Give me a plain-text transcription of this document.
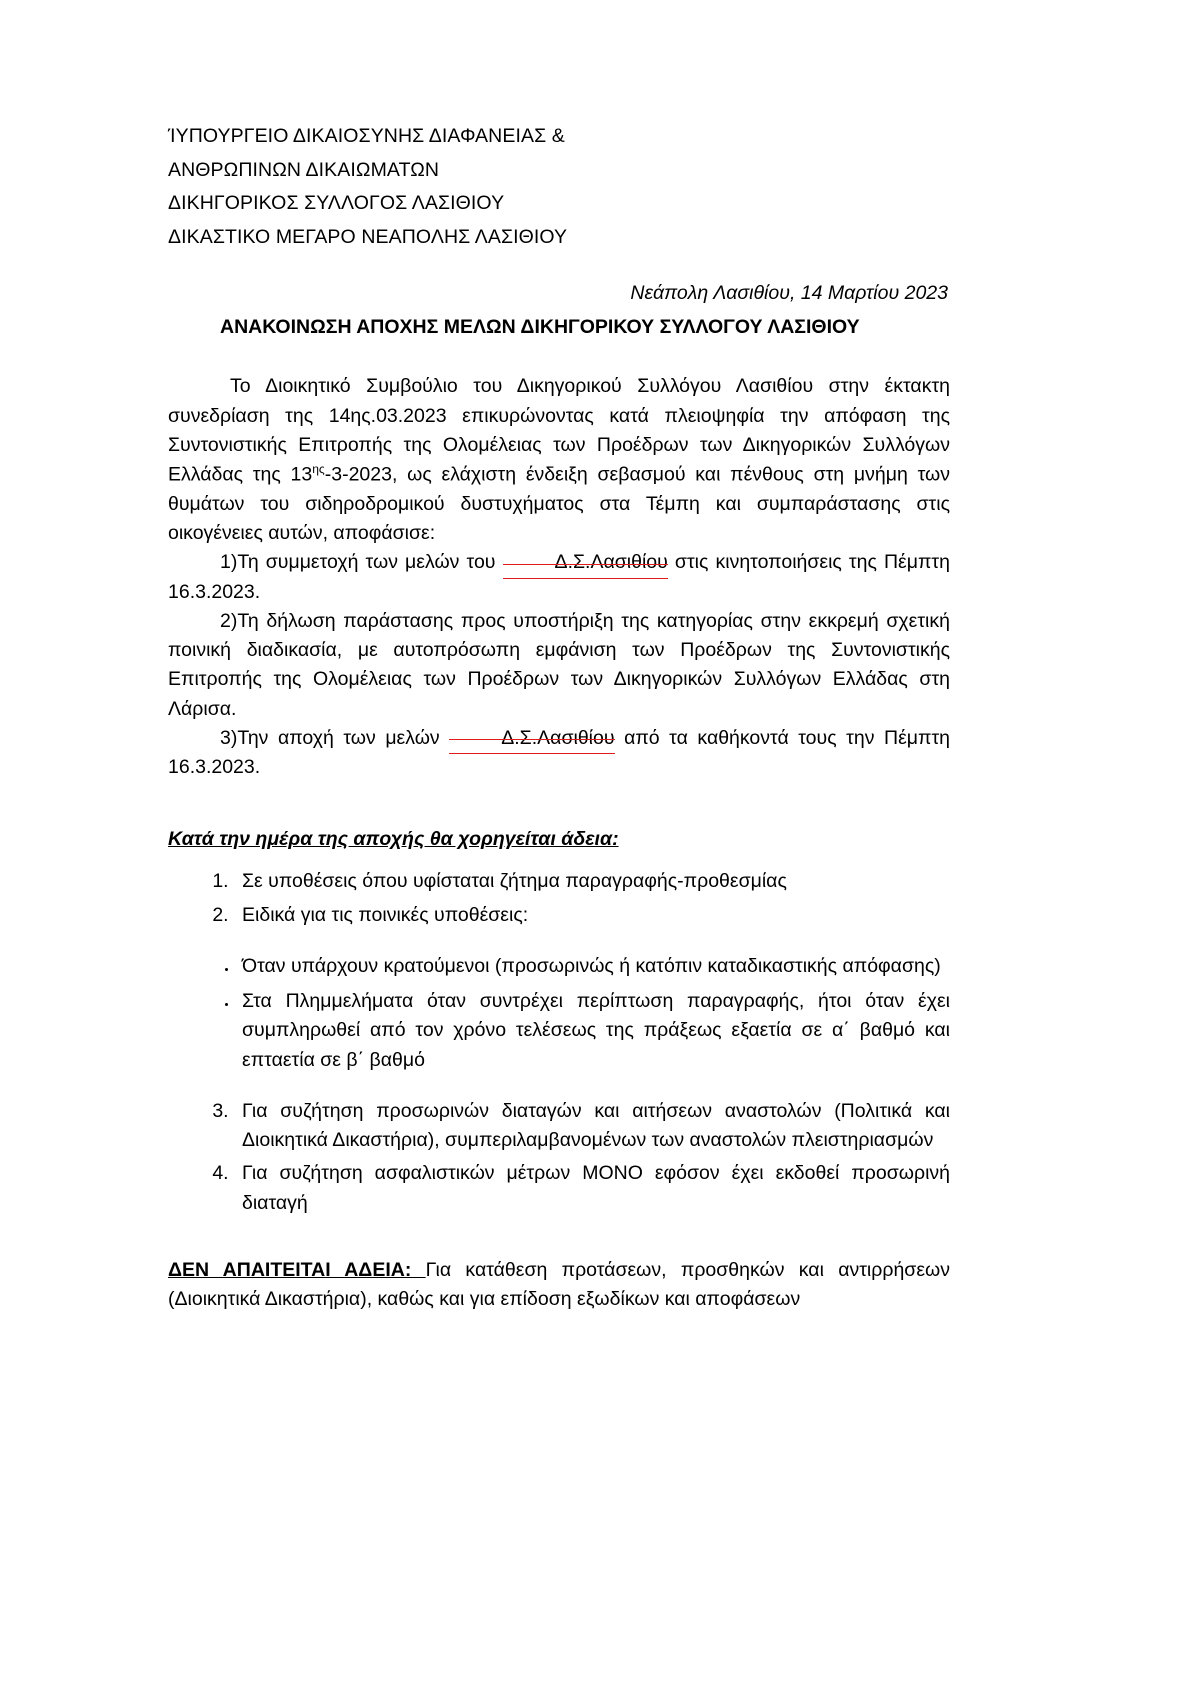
ΊΥΠΟΥΡΓΕΙΟ ΔΙΚΑΙΟΣΥΝΗΣ ΔΙΑΦΑΝΕΙΑΣ &
ΑΝΘΡΩΠΙΝΩΝ ΔΙΚΑΙΩΜΑΤΩΝ
ΔΙΚΗΓΟΡΙΚΟΣ ΣΥΛΛΟΓΟΣ ΛΑΣΙΘΙΟΥ
ΔΙΚΑΣΤΙΚΟ ΜΕΓΑΡΟ ΝΕΑΠΟΛΗΣ ΛΑΣΙΘΙΟΥ
Νεάπολη Λασιθίου, 14 Μαρτίου 2023
ΑΝΑΚΟΙΝΩΣΗ ΑΠΟΧΗΣ ΜΕΛΩΝ ΔΙΚΗΓΟΡΙΚΟΥ ΣΥΛΛΟΓΟΥ ΛΑΣΙΘΙΟΥ

Το Διοικητικό Συμβούλιο του Δικηγορικού Συλλόγου Λασιθίου στην έκτακτη συνεδρίαση της 14ης.03.2023 επικυρώνοντας κατά πλειοψηφία την απόφαση της Συντονιστικής Επιτροπής της Ολομέλειας των Προέδρων των Δικηγορικών Συλλόγων Ελλάδας της $13^{\eta\varsigma}-3-2023$, ως ελάχιστη ένδειξη σεβασμού και πένθους στη μνήμη των θυμάτων του σιδηροδρομικού δυστυχήματος στα Τέμπη και συμπαράστασης στις οικογένειες αυτών, αποφάσισε:

1)Τη συμμετοχή των μελών του	Δ.Σ.Λασιθίου στις κινητοποιήσεις της Πέμπτη 16.3.2023.

2)Τη δήλωση παράστασης προς υποστήριξη της κατηγορίας στην εκκρεμή σχετική ποινική διαδικασία, με αυτοπρόσωπη εμφάνιση των Προέδρων της Συντονιστικής Επιτροπής της Ολομέλειας των Προέδρων των Δικηγορικών Συλλόγων Ελλάδας στη Λάρισα.

3)Την αποχή των μελών	Δ.Σ.Λασιθίου από τα καθήκοντά τους την Πέμπτη 16.3.2023.

Κατά την ημέρα της αποχής θα χορηγείται άδεια:
1. Σε υποθέσεις όπου υφίσταται ζήτημα παραγραφής-προθεσμίας
2. Ειδικά για τις ποινικές υποθέσεις:
• Όταν υπάρχουν κρατούμενοι (προσωρινώς ή κατόπιν καταδικαστικής απόφασης)
• Στα Πλημμελήματα όταν συντρέχει περίπτωση παραγραφής, ήτοι όταν έχει συμπληρωθεί από τον χρόνο τελέσεως της πράξεως εξαετία σε α΄ βαθμό και επταετία σε β΄ βαθμό
3. Για συζήτηση προσωρινών διαταγών και αιτήσεων αναστολών (Πολιτικά και Διοικητικά Δικαστήρια), συμπεριλαμβανομένων των αναστολών πλειστηριασμών
4. Για συζήτηση ασφαλιστικών μέτρων ΜΟΝΟ εφόσον έχει εκδοθεί προσωρινή διαταγή

ΔΕΝ ΑΠΑΙΤΕΙΤΑΙ ΑΔΕΙΑ: Για κατάθεση προτάσεων, προσθηκών και αντιρρήσεων (Διοικητικά Δικαστήρια), καθώς και για επίδοση εξωδίκων και αποφάσεων
